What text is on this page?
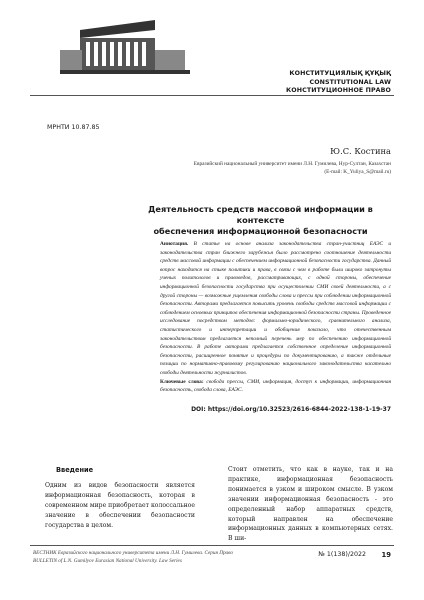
КОНСТИТУЦИЯЛЫҚ ҚҰҚЫҚ
CONSTITUTIONAL LAW
КОНСТИТУЦИОННОЕ ПРАВО
МРНТИ 10.87.85
Ю.С. Костина
Евразийский национальный университет имени Л.Н. Гумилева, Нур-Султан, Казахстан
(E-mail: K_Yuliya_S@mail.ru)
Деятельность средств массовой информации в контексте
обеспечения информационной безопасности

Аннотация. В статье на основе анализа законодательства стран-участниц ЕАЭС и законодательства стран ближнего зарубежья было рассмотрено соотношение деятельности средств массовой информации с обеспечением информационной безопасности государства. Данный вопрос находится на стыке политики и права, в связи с чем в работе были широко затронуты ученых политологов и правоведов, рассматривающих, с одной стороны, обеспечение информационной безопасности государства при осуществлении СМИ своей деятельности, а с другой стороны — возможные ущемления свободы слова и прессы при соблюдении информационной безопасности. Авторами предлагается повысить уровень свободы средств массовой информации с соблюдением основных принципов обеспечения информационной безопасности страны. Проведенное исследование посредством методов: формально-юридического, сравнительного анализа, статистического и интерпретации и обобщения показало, что отечественным законодательством предлагается неполный перечень мер по обеспечению информационной безопасности. В работе авторами предлагается собственное определение информационной безопасности, расширенное понятие и процедуры по документированию, а также отдельные позиции по нормативно-правовому регулированию национального законодательства касательно свободы деятельности журналистов.

Ключевые слова: свобода прессы, СМИ, информация, доступ к информации, информационная безопасность, свобода слова, ЕАЭС.

DOI: https://doi.org/10.32523/2616-6844-2022-138-1-19-37
Введение
Одним из видов безопасности является информационная безопасность, которая в современном мире приобретает колоссальное значение в обеспечении безопасности государства в целом.
Стоит отметить, что как в науке, так и на практике, информационная безопасность понимается в узком и широком смысле. В узком значении информационная безопасность - это определенный набор аппаратных средств, который направлен на обеспечение информационных данных в компьютерных сетях. В ши-
ВЕСТНИК Евразийского национального университета имени Л.Н. Гумилева. Серия Право
BULLETIN of L.N. Gumilyov Eurasian National University. Law Series
№ 1(138)/2022 19
